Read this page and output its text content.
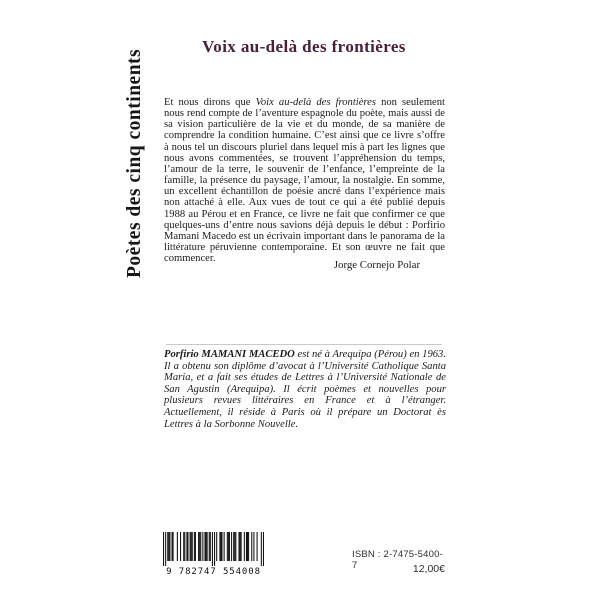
Poètes des cinq continents
Voix au-delà des frontières
Et nous dirons que Voix au-delà des frontières non seulement nous rend compte de l’aventure espagnole du poète, mais aussi de sa vision particulière de la vie et du monde, de sa manière de comprendre la condition humaine. C’est ainsi que ce livre s’offre à nous tel un discours pluriel dans lequel mis à part les lignes que nous avons commentées, se trouvent l’appréhension du temps, l’amour de la terre, le souvenir de l’enfance, l’empreinte de la famille, la présence du paysage, l’amour, la nostalgie. En somme, un excellent échantillon de poésie ancré dans l’expérience mais non attaché à elle. Aux vues de tout ce qui a été publié depuis 1988 au Pérou et en France, ce livre ne fait que confirmer ce que quelques-uns d’entre nous savions déjà depuis le début : Porfirio Mamani Macedo est un écrivain important dans le panorama de la littérature péruvienne contemporaine. Et son œuvre ne fait que commencer.
Jorge Cornejo Polar
Porfirio MAMANI MACEDO est né à Arequipa (Pérou) en 1963. Il a obtenu son diplôme d’avocat à l’Université Catholique Santa Maria, et a fait ses études de Lettres à l’Université Nationale de San Agustin (Arequipa). Il écrit poèmes et nouvelles pour plusieurs revues littéraires en France et à l’étranger. Actuellement, il réside à Paris où il prépare un Doctorat ès Lettres à la Sorbonne Nouvelle.
9 782747 554008
ISBN : 2-7475-5400-7	12,00€
